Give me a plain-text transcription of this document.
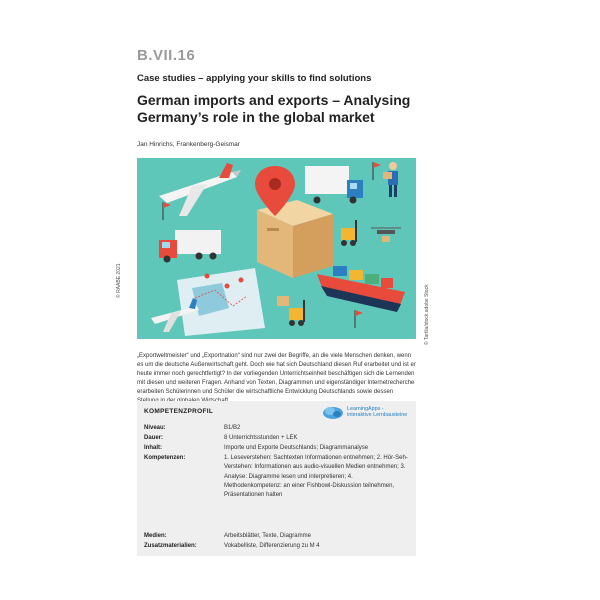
B.VII.16
Case studies – applying your skills to find solutions
German imports and exports – Analysing Germany’s role in the global market
Jan Hinrichs, Frankenberg-Geismar
© RAABE 2021
© Tartila/stock.adobe Stock

„Exportweltmeister“ und „Exportnation“ sind nur zwei der Begriffe, an die viele Menschen denken, wenn es um die deutsche Außenwirtschaft geht. Doch wie hat sich Deutschland diesen Ruf erarbeitet und ist er heute immer noch gerechtfertigt? In der vorliegenden Unterrichtseinheit beschäftigen sich die Lernenden mit diesen und weiteren Fragen. Anhand von Texten, Diagrammen und eigenständiger Internetrecherche erarbeiten Schülerinnen und Schüler die wirtschaftliche Entwicklung Deutschlands sowie dessen

KOMPETENZPROFIL	LearningApps -
interaktive Lernbausteine
Niveau:	B1/B2
Dauer:	8 Unterrichtsstunden + LEK
Inhalt:	Importe und Exporte Deutschlands; Diagrammanalyse
Kompetenzen:	1. Leseverstehen: Sachtexten Informationen entnehmen; 2. Hör-Seh-Verstehen: Informationen aus audio-visuellen Medien entnehmen; 3. Analyse: Diagramme lesen und interpretieren; 4. Methodenkompetenz: an einer Fishbowl-Diskussion teilnehmen, Präsentationen halten
Medien:	Arbeitsblätter, Texte, Diagramme
Zusatzmaterialien:	Vokabelliste, Differenzierung zu M 4
